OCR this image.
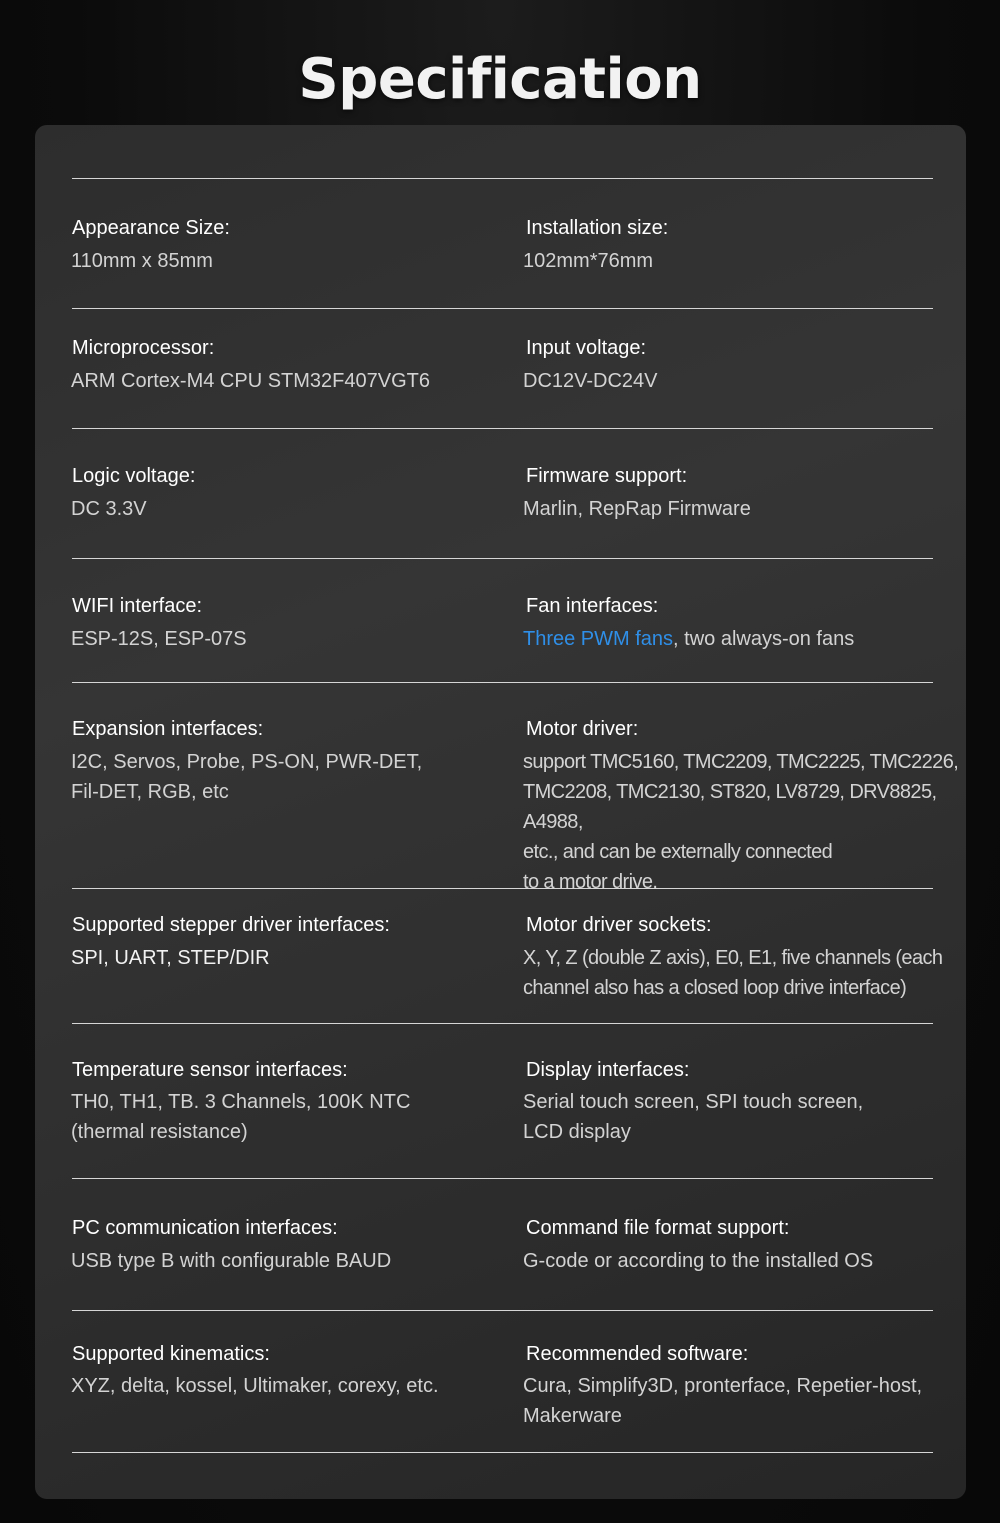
Specification
Appearance Size:
110mm x 85mm
Installation size:
102mm*76mm
Microprocessor:
ARM Cortex-M4 CPU STM32F407VGT6
Input voltage:
DC12V-DC24V
Logic voltage:
DC 3.3V
Firmware support:
Marlin, RepRap Firmware
WIFI interface:
ESP-12S, ESP-07S
Fan interfaces:
Three PWM fans, two always-on fans
Expansion interfaces:
I2C, Servos, Probe, PS-ON, PWR-DET,
Fil-DET, RGB, etc
Motor driver:
support TMC5160, TMC2209, TMC2225, TMC2226,
TMC2208, TMC2130, ST820, LV8729, DRV8825, A4988,
etc., and can be externally connected
to a motor drive.
Supported stepper driver interfaces:
SPI, UART, STEP/DIR
Motor driver sockets:
X, Y, Z (double Z axis), E0, E1, five channels (each
channel also has a closed loop drive interface)
Temperature sensor interfaces:
TH0, TH1, TB. 3 Channels, 100K NTC
(thermal resistance)
Display interfaces:
Serial touch screen, SPI touch screen,
LCD display
PC communication interfaces:
USB type B with configurable BAUD
Command file format support:
G-code or according to the installed OS
Supported kinematics:
XYZ, delta, kossel, Ultimaker, corexy, etc.
Recommended software:
Cura, Simplify3D, pronterface, Repetier-host,
Makerware
